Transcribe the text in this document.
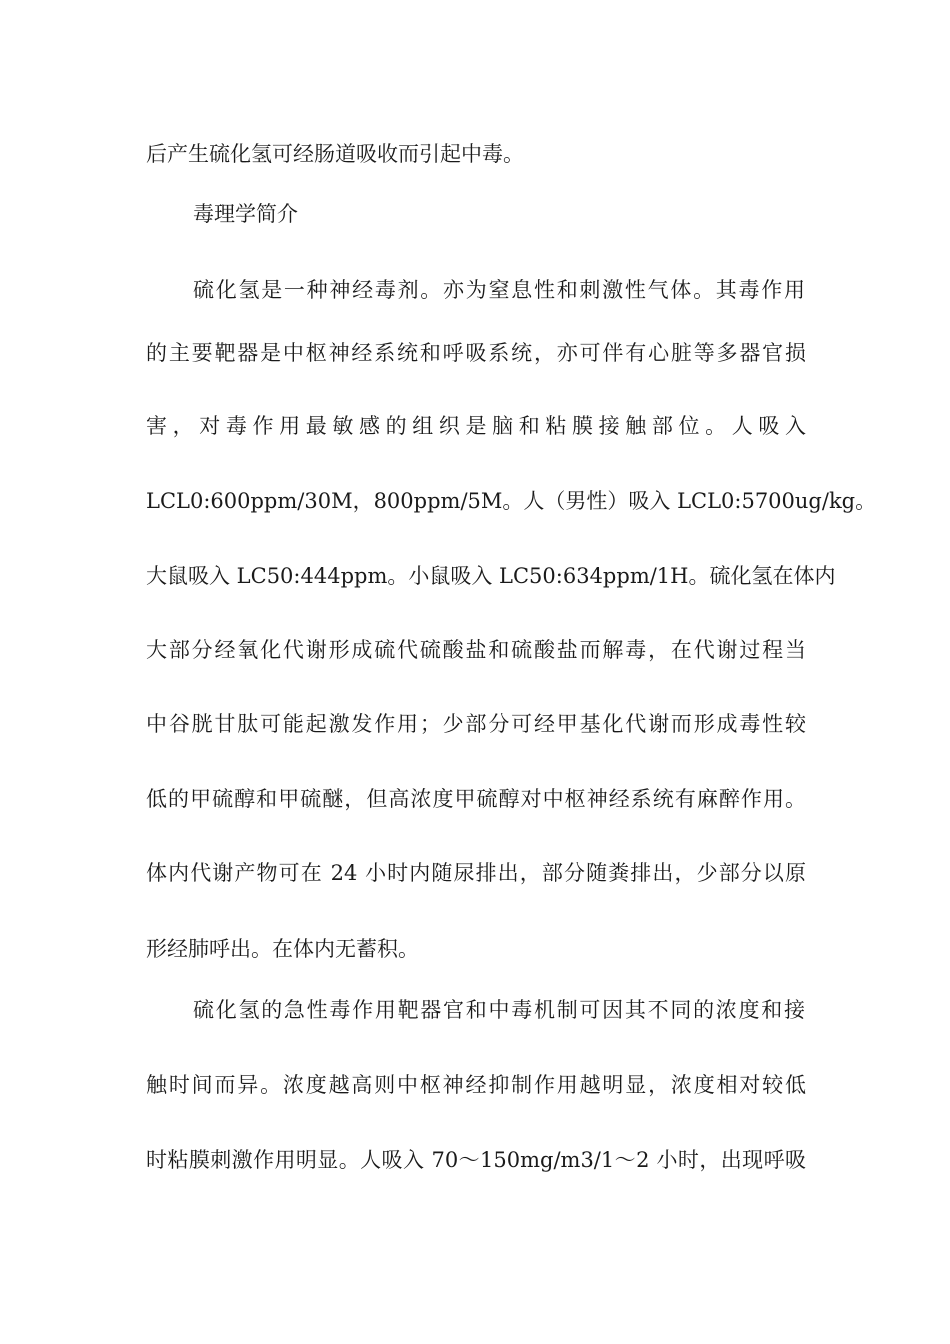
后产生硫化氢可经肠道吸收而引起中毒。
毒理学简介
硫化氢是一种神经毒剂。亦为窒息性和刺激性气体。其毒作用
的主要靶器是中枢神经系统和呼吸系统，亦可伴有心脏等多器官损
害，对毒作用最敏感的组织是脑和粘膜接触部位。人吸入
LCL0:600ppm/30M，800ppm/5M。人（男性）吸入 LCL0:5700ug/kg。
大鼠吸入 LC50:444ppm。小鼠吸入 LC50:634ppm/1H。硫化氢在体内
大部分经氧化代谢形成硫代硫酸盐和硫酸盐而解毒，在代谢过程当
中谷胱甘肽可能起激发作用；少部分可经甲基化代谢而形成毒性较
低的甲硫醇和甲硫醚，但高浓度甲硫醇对中枢神经系统有麻醉作用。
体内代谢产物可在 24 小时内随尿排出，部分随粪排出，少部分以原
形经肺呼出。在体内无蓄积。
硫化氢的急性毒作用靶器官和中毒机制可因其不同的浓度和接
触时间而异。浓度越高则中枢神经抑制作用越明显，浓度相对较低
时粘膜刺激作用明显。人吸入 70～150mg/m3/1～2 小时，出现呼吸
